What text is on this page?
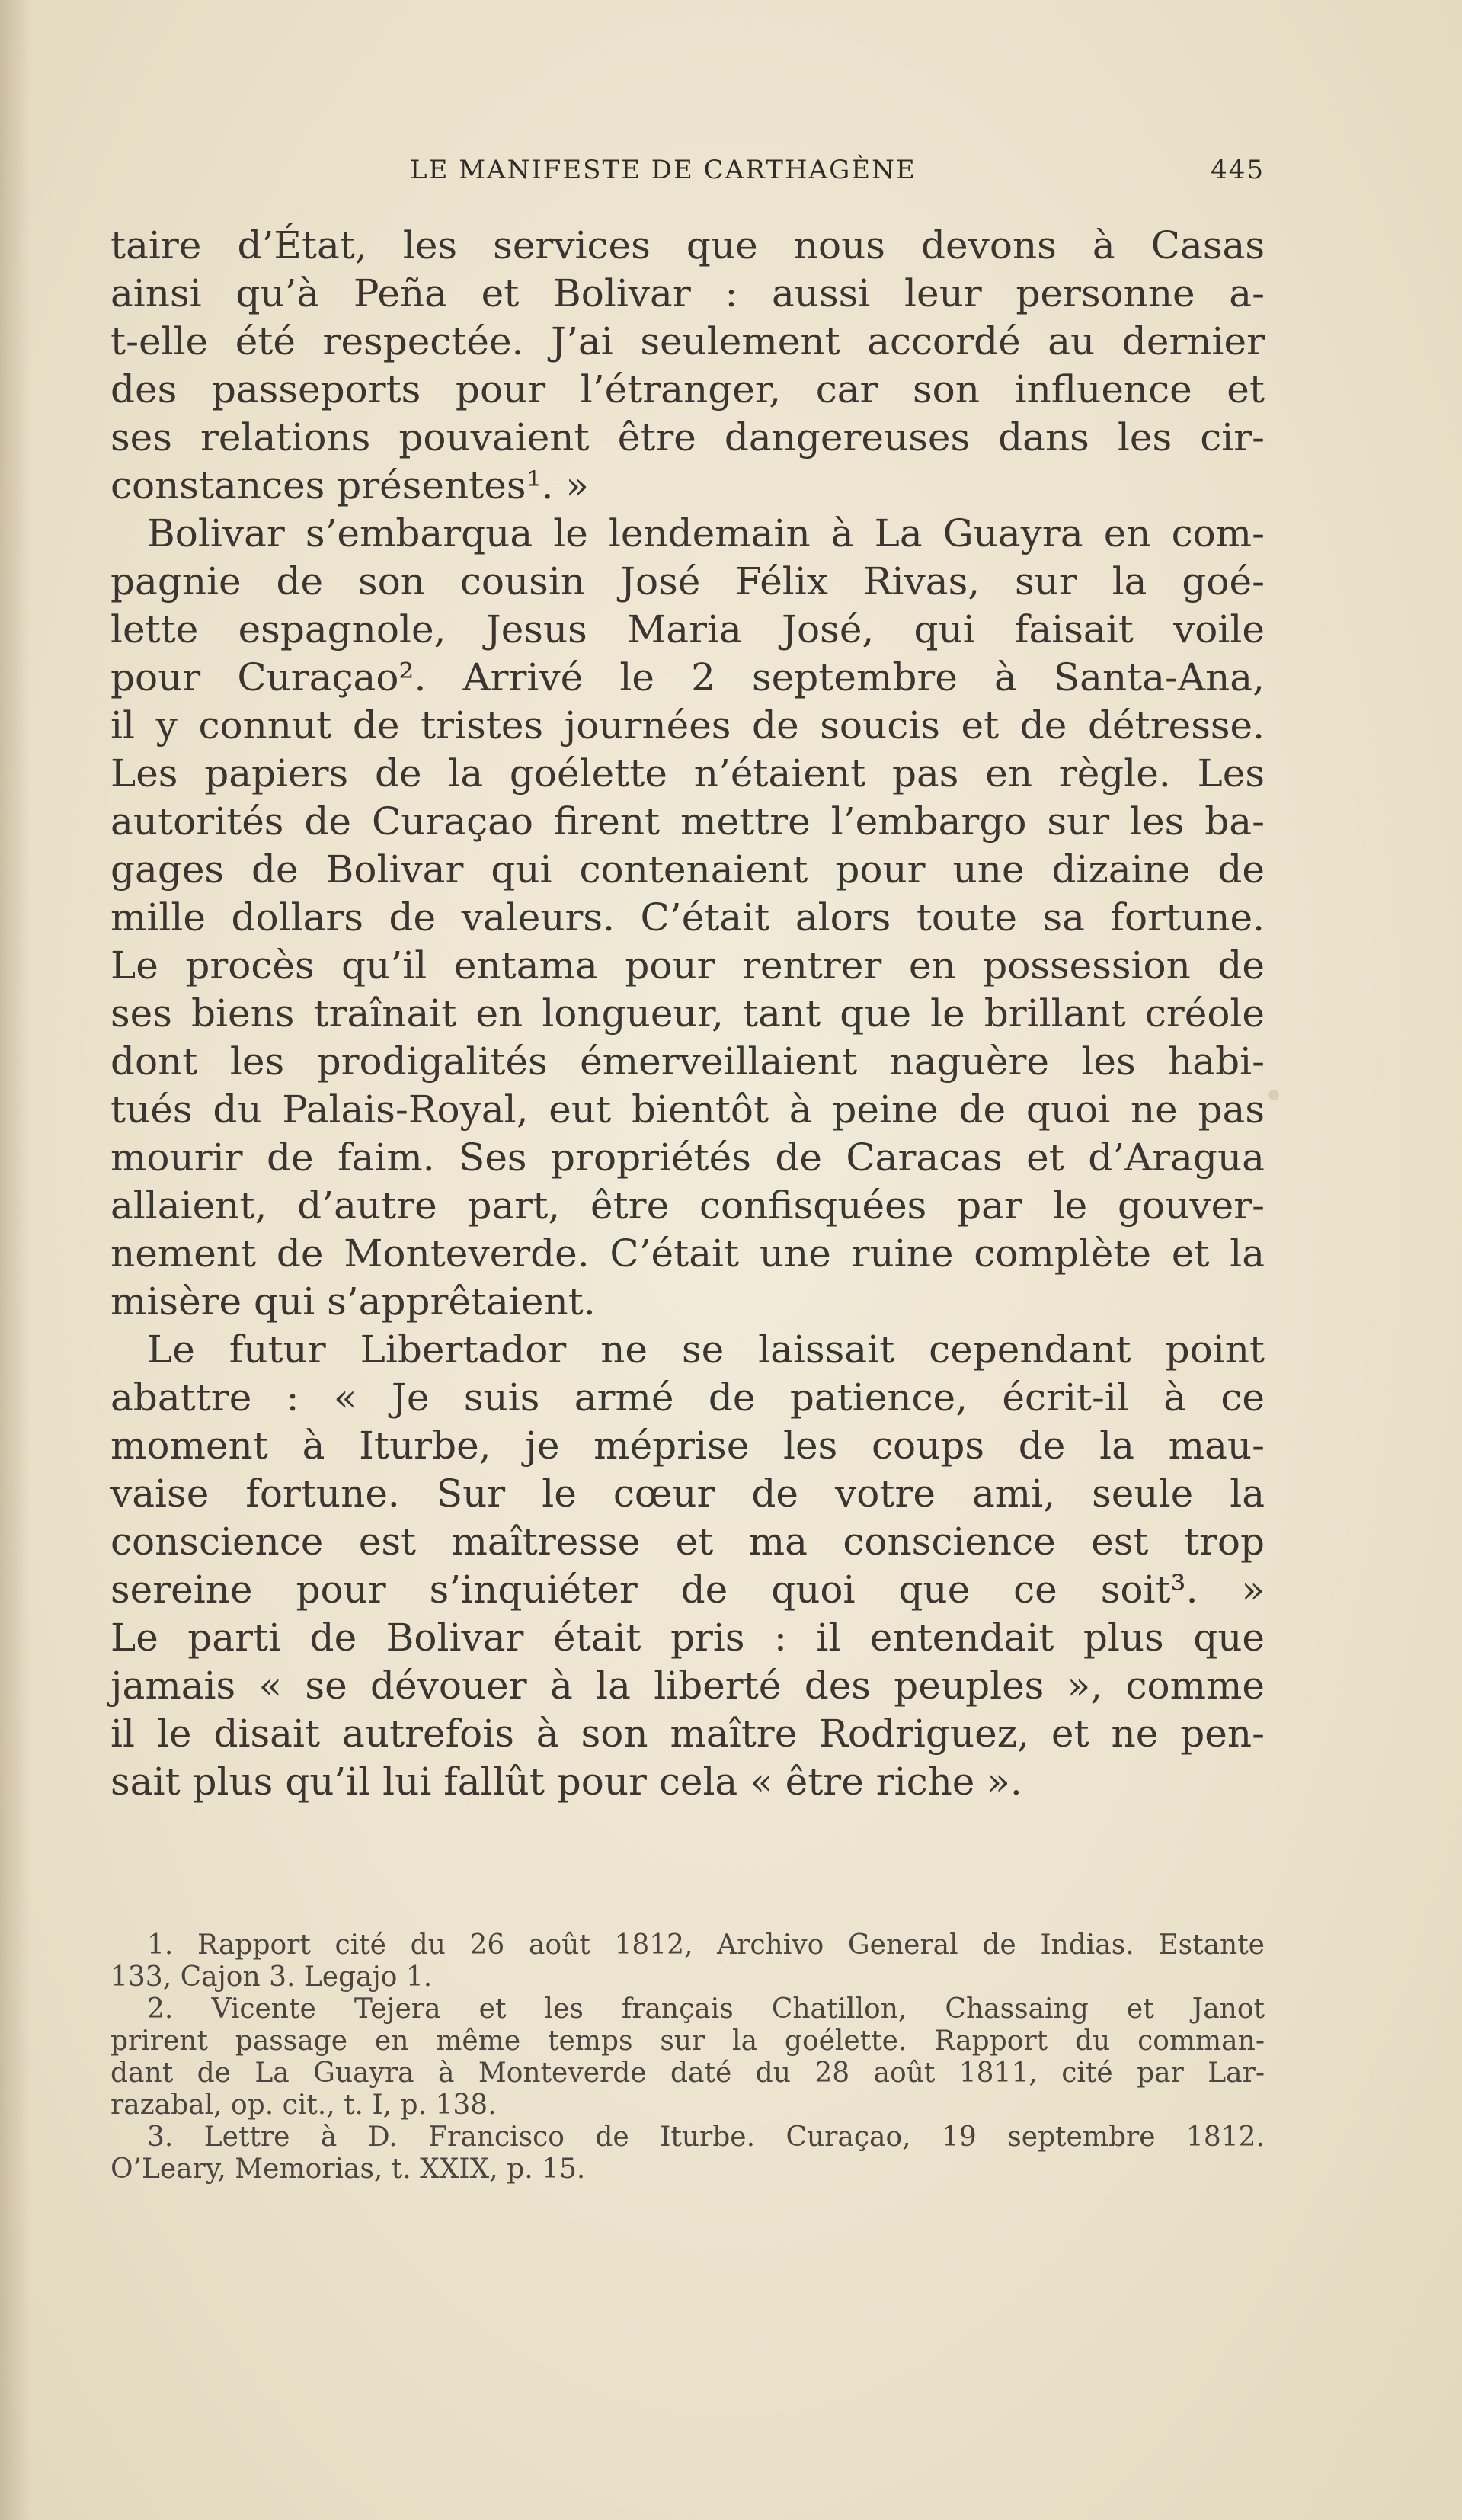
LE MANIFESTE DE CARTHAGÈNE	445
taire d’État, les services que nous devons à Casas
ainsi qu’à Peña et Bolivar : aussi leur personne a-
t-elle été respectée. J’ai seulement accordé au dernier
des passeports pour l’étranger, car son influence et
ses relations pouvaient être dangereuses dans les cir-
constances présentes¹. »
Bolivar s’embarqua le lendemain à La Guayra en com-
pagnie de son cousin José Félix Rivas, sur la goé-
lette espagnole, Jesus Maria José, qui faisait voile
pour Curaçao². Arrivé le 2 septembre à Santa-Ana,
il y connut de tristes journées de soucis et de détresse.
Les papiers de la goélette n’étaient pas en règle. Les
autorités de Curaçao firent mettre l’embargo sur les ba-
gages de Bolivar qui contenaient pour une dizaine de
mille dollars de valeurs. C’était alors toute sa fortune.
Le procès qu’il entama pour rentrer en possession de
ses biens traînait en longueur, tant que le brillant créole
dont les prodigalités émerveillaient naguère les habi-
tués du Palais-Royal, eut bientôt à peine de quoi ne pas
mourir de faim. Ses propriétés de Caracas et d’Aragua
allaient, d’autre part, être confisquées par le gouver-
nement de Monteverde. C’était une ruine complète et la
misère qui s’apprêtaient.
Le futur Libertador ne se laissait cependant point
abattre : « Je suis armé de patience, écrit-il à ce
moment à Iturbe, je méprise les coups de la mau-
vaise fortune. Sur le cœur de votre ami, seule la
conscience est maîtresse et ma conscience est trop
sereine pour s’inquiéter de quoi que ce soit³. »
Le parti de Bolivar était pris : il entendait plus que
jamais « se dévouer à la liberté des peuples », comme
il le disait autrefois à son maître Rodriguez, et ne pen-
sait plus qu’il lui fallût pour cela « être riche ».
1. Rapport cité du 26 août 1812, Archivo General de Indias. Estante
133, Cajon 3. Legajo 1.
2. Vicente Tejera et les français Chatillon, Chassaing et Janot
prirent passage en même temps sur la goélette. Rapport du comman-
dant de La Guayra à Monteverde daté du 28 août 1811, cité par Lar-
razabal, op. cit., t. I, p. 138.
3. Lettre à D. Francisco de Iturbe. Curaçao, 19 septembre 1812.
O’Leary, Memorias, t. XXIX, p. 15.
